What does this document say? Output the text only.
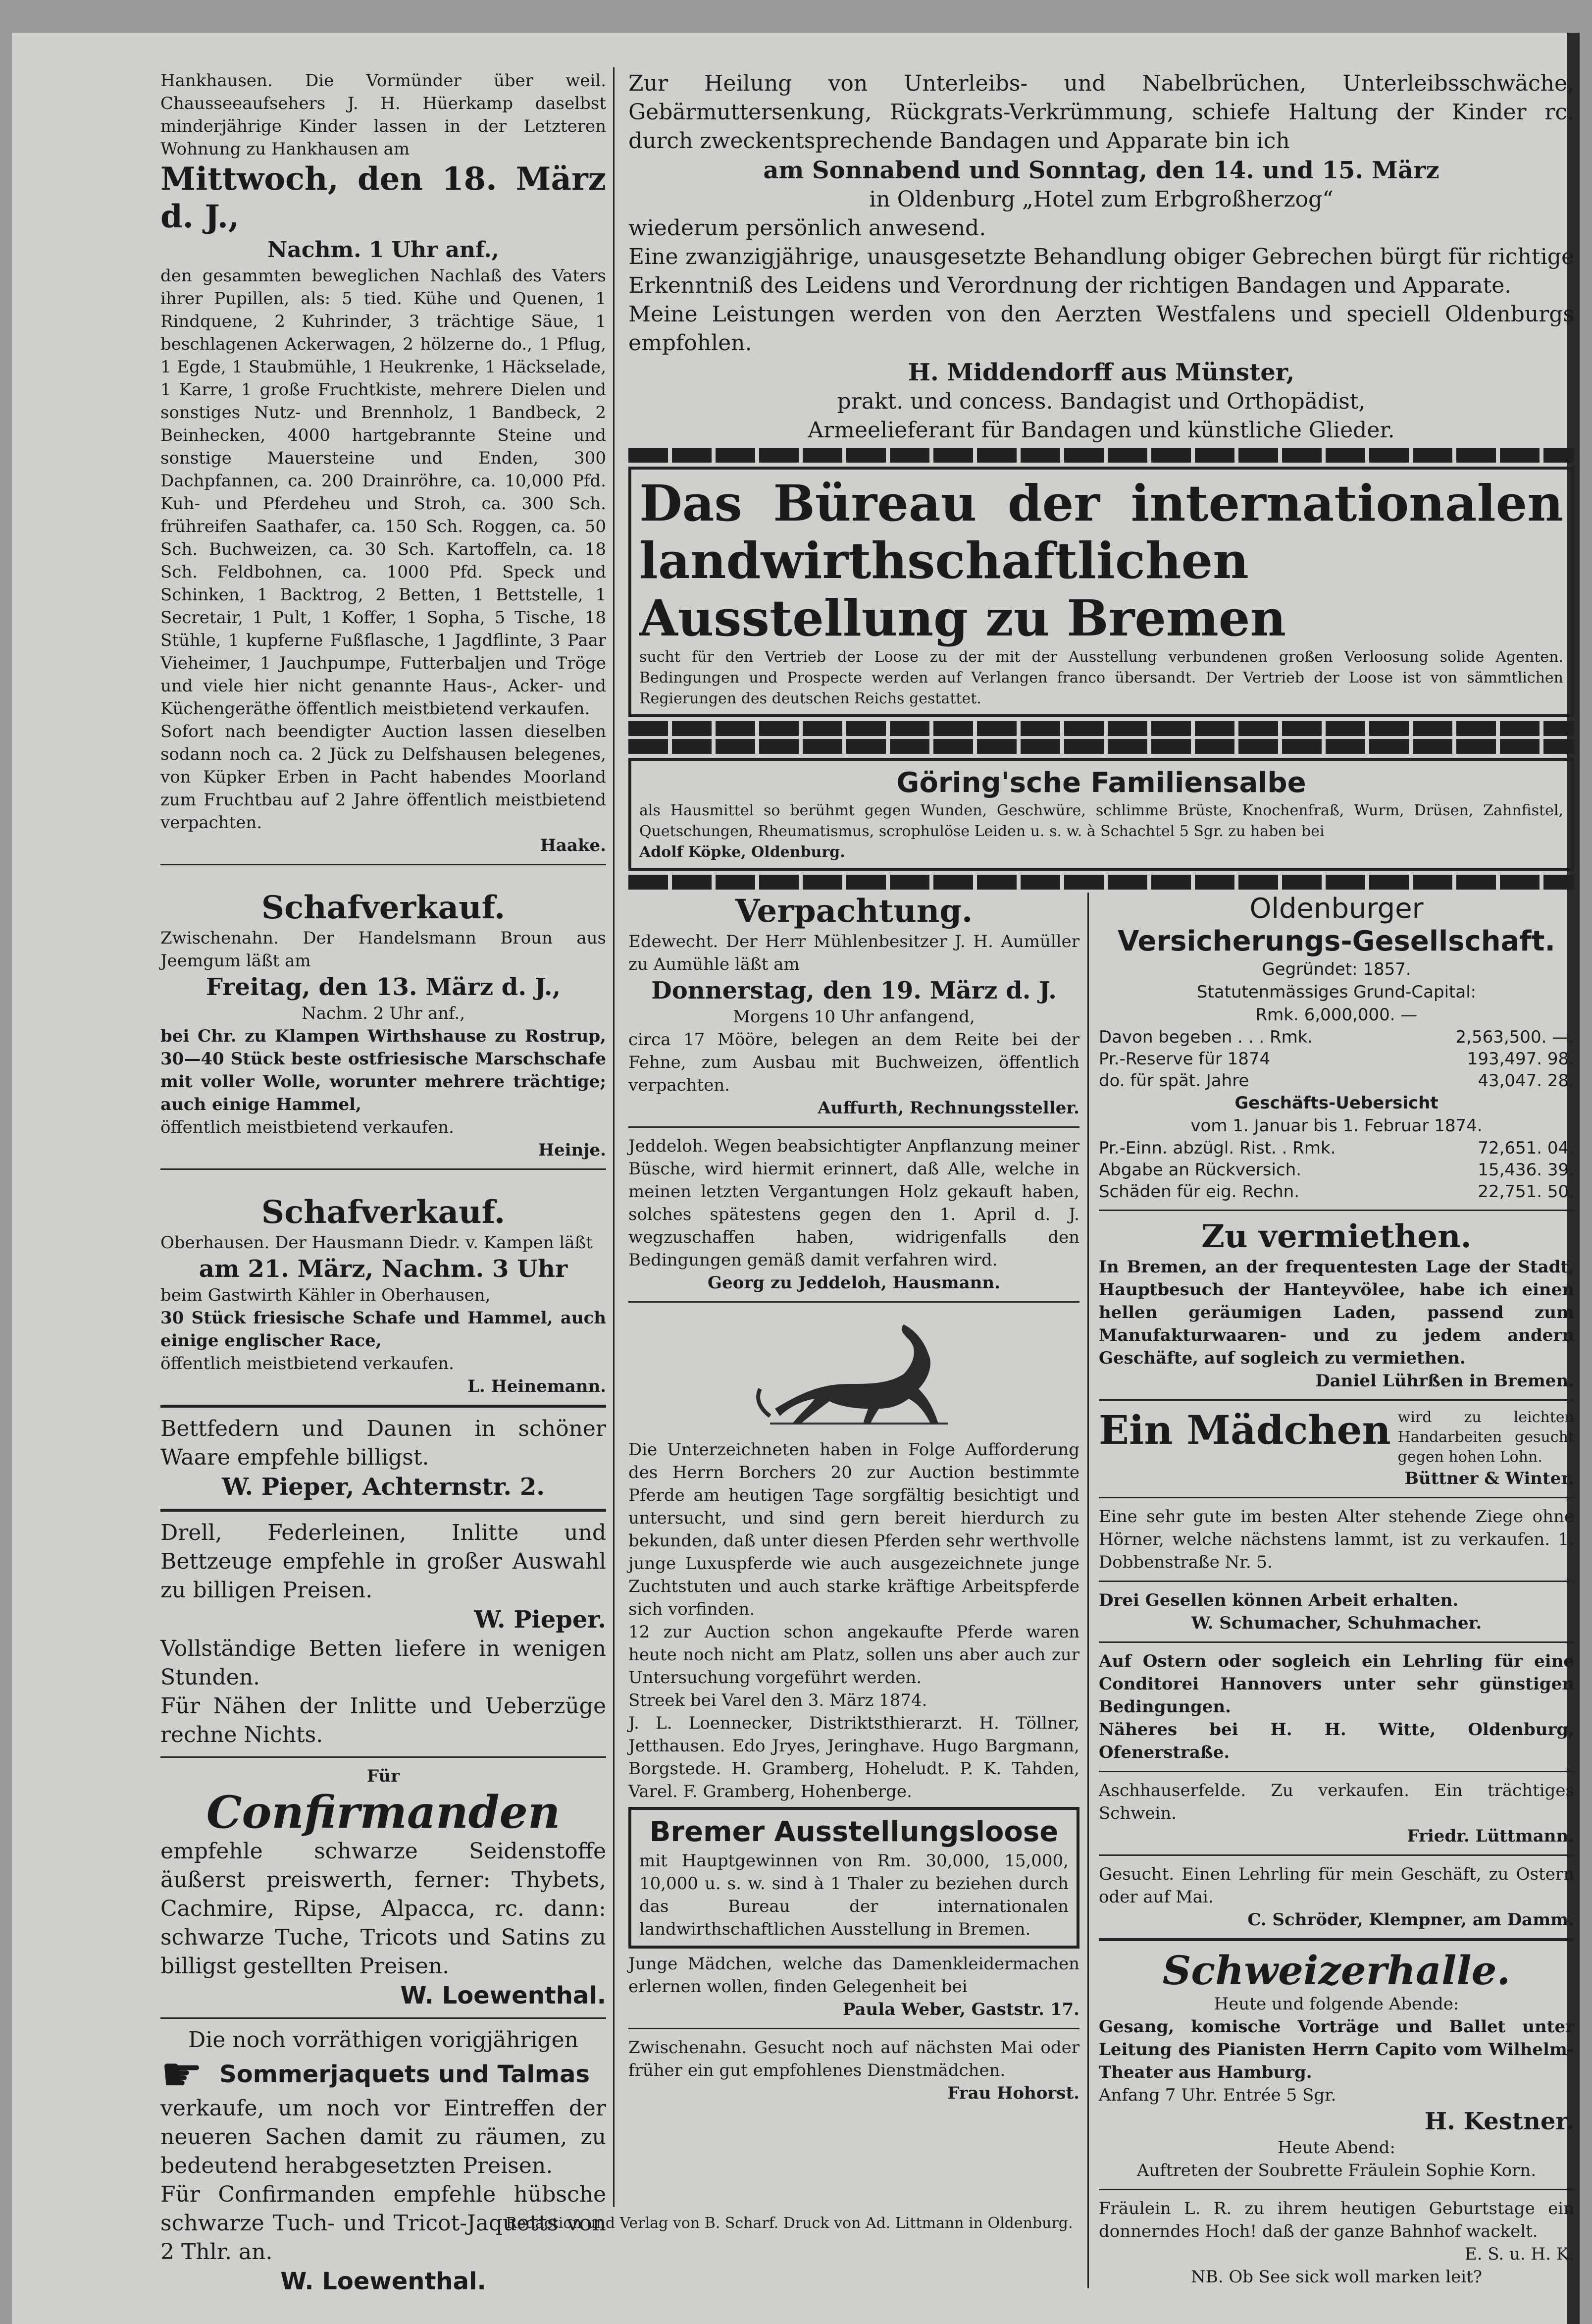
Hankhausen. Die Vormünder über weil. Chausseeaufsehers J. H. Hüerkamp daselbst minderjährige Kinder lassen in der Letzteren Wohnung zu Hankhausen am

Mittwoch, den 18. März d. J.,

Nachm. 1 Uhr anf.,

den gesammten beweglichen Nachlaß des Vaters ihrer Pupillen, als: 5 tied. Kühe und Quenen, 1 Rindquene, 2 Kuhrinder, 3 trächtige Säue, 1 beschlagenen Ackerwagen, 2 hölzerne do., 1 Pflug, 1 Egde, 1 Staubmühle, 1 Heukrenke, 1 Häckselade, 1 Karre, 1 große Fruchtkiste, mehrere Dielen und sonstiges Nutz- und Brennholz, 1 Bandbeck, 2 Beinhecken, 4000 hartgebrannte Steine und sonstige Mauersteine und Enden, 300 Dachpfannen, ca. 200 Drainröhre, ca. 10,000 Pfd. Kuh- und Pferdeheu und Stroh, ca. 300 Sch. frühreifen Saathafer, ca. 150 Sch. Roggen, ca. 50 Sch. Buchweizen, ca. 30 Sch. Kartoffeln, ca. 18 Sch. Feldbohnen, ca. 1000 Pfd. Speck und Schinken, 1 Backtrog, 2 Betten, 1 Bettstelle, 1 Secretair, 1 Pult, 1 Koffer, 1 Sopha, 5 Tische, 18 Stühle, 1 kupferne Fußflasche, 1 Jagdflinte, 3 Paar Vieheimer, 1 Jauchpumpe, Futterbaljen und Tröge und viele hier nicht genannte Haus-, Acker- und Küchengeräthe öffentlich meistbietend verkaufen.

Sofort nach beendigter Auction lassen dieselben sodann noch ca. 2 Jück zu Delfshausen belegenes, von Küpker Erben in Pacht habendes Moorland zum Fruchtbau auf 2 Jahre öffentlich meistbietend verpachten.

Haake.

Schafverkauf.

Zwischenahn. Der Handelsmann Broun aus Jeemgum läßt am

Freitag, den 13. März d. J.,

Nachm. 2 Uhr anf.,

bei Chr. zu Klampen Wirthshause zu Rostrup, 30—40 Stück beste ostfriesische Marschschafe mit voller Wolle, worunter mehrere trächtige; auch einige Hammel,

öffentlich meistbietend verkaufen.

Heinje.

Schafverkauf.

Oberhausen. Der Hausmann Diedr. v. Kampen läßt

am 21. März, Nachm. 3 Uhr

beim Gastwirth Kähler in Oberhausen,

30 Stück friesische Schafe und Hammel, auch einige englischer Race,

öffentlich meistbietend verkaufen.

L. Heinemann.

Bettfedern und Daunen in schöner Waare empfehle billigst.

W. Pieper, Achternstr. 2.

Drell, Federleinen, Inlitte und Bettzeuge empfehle in großer Auswahl zu billigen Preisen.

W. Pieper.

Vollständige Betten liefere in wenigen Stunden.

Für Nähen der Inlitte und Ueberzüge rechne Nichts.

Für

Confirmanden

empfehle schwarze Seidenstoffe äußerst preiswerth, ferner: Thybets, Cachmire, Ripse, Alpacca, rc. dann: schwarze Tuche, Tricots und Satins zu billigst gestellten Preisen.

W. Loewenthal.

Die noch vorräthigen vorigjährigen

☛ Sommerjaquets und Talmas

verkaufe, um noch vor Eintreffen der neueren Sachen damit zu räumen, zu bedeutend herabgesetzten Preisen.

Für Confirmanden empfehle hübsche schwarze Tuch- und Tricot-Jaquetts von 2 Thlr. an.

W. Loewenthal.

Zur Heilung von Unterleibs- und Nabelbrüchen, Unterleibsschwäche, Gebärmuttersenkung, Rückgrats-Verkrümmung, schiefe Haltung der Kinder rc. durch zweckentsprechende Bandagen und Apparate bin ich

am Sonnabend und Sonntag, den 14. und 15. März

in Oldenburg „Hotel zum Erbgroßherzog“

wiederum persönlich anwesend.

Eine zwanzigjährige, unausgesetzte Behandlung obiger Gebrechen bürgt für richtige Erkenntniß des Leidens und Verordnung der richtigen Bandagen und Apparate.

Meine Leistungen werden von den Aerzten Westfalens und speciell Oldenburgs empfohlen.

H. Middendorff aus Münster,

prakt. und concess. Bandagist und Orthopädist,

Armeelieferant für Bandagen und künstliche Glieder.

Das Büreau der internationalen landwirthschaftlichen Ausstellung zu Bremen

sucht für den Vertrieb der Loose zu der mit der Ausstellung verbundenen großen Verloosung solide Agenten. Bedingungen und Prospecte werden auf Verlangen franco übersandt. Der Vertrieb der Loose ist von sämmtlichen Regierungen des deutschen Reichs gestattet.

Göring'sche Familiensalbe

als Hausmittel so berühmt gegen Wunden, Geschwüre, schlimme Brüste, Knochenfraß, Wurm, Drüsen, Zahnfistel, Quetschungen, Rheumatismus, scrophulöse Leiden u. s. w. à Schachtel 5 Sgr. zu haben bei

Adolf Köpke, Oldenburg.

Verpachtung.

Edewecht. Der Herr Mühlenbesitzer J. H. Aumüller zu Aumühle läßt am

Donnerstag, den 19. März d. J.

Morgens 10 Uhr anfangend,

circa 17 Mööre, belegen an dem Reite bei der Fehne, zum Ausbau mit Buchweizen, öffentlich verpachten.

Auffurth, Rechnungssteller.

Jeddeloh. Wegen beabsichtigter Anpflanzung meiner Büsche, wird hiermit erinnert, daß Alle, welche in meinen letzten Vergantungen Holz gekauft haben, solches spätestens gegen den 1. April d. J. wegzuschaffen haben, widrigenfalls den Bedingungen gemäß damit verfahren wird.

Georg zu Jeddeloh, Hausmann.

Die Unterzeichneten haben in Folge Aufforderung des Herrn Borchers 20 zur Auction bestimmte Pferde am heutigen Tage sorgfältig besichtigt und untersucht, und sind gern bereit hierdurch zu bekunden, daß unter diesen Pferden sehr werthvolle junge Luxuspferde wie auch ausgezeichnete junge Zuchtstuten und auch starke kräftige Arbeitspferde sich vorfinden.

12 zur Auction schon angekaufte Pferde waren heute noch nicht am Platz, sollen uns aber auch zur Untersuchung vorgeführt werden.

Streek bei Varel den 3. März 1874.

J. L. Loennecker, Distriktsthierarzt. H. Töllner, Jetthausen. Edo Jryes, Jeringhave. Hugo Bargmann, Borgstede. H. Gramberg, Hoheludt. P. K. Tahden, Varel. F. Gramberg, Hohenberge.

Bremer Ausstellungsloose

mit Hauptgewinnen von Rm. 30,000, 15,000, 10,000 u. s. w. sind à 1 Thaler zu beziehen durch das Bureau der internationalen landwirthschaftlichen Ausstellung in Bremen.

Junge Mädchen, welche das Damenkleidermachen erlernen wollen, finden Gelegenheit bei

Paula Weber, Gaststr. 17.

Zwischenahn. Gesucht noch auf nächsten Mai oder früher ein gut empfohlenes Dienstmädchen.

Frau Hohorst.

Oldenburger

Versicherungs-Gesellschaft.

Gegründet: 1857.

Statutenmässiges Grund-Capital:

Rmk. 6,000,000. —

Davon begeben . . . Rmk.	2,563,500. —.
Pr.-Reserve für 1874	193,497. 98.
do. für spät. Jahre	43,047. 28.

Geschäfts-Uebersicht

vom 1. Januar bis 1. Februar 1874.

Pr.-Einn. abzügl. Rist. . Rmk.	72,651. 04.
Abgabe an Rückversich.	15,436. 39.
Schäden für eig. Rechn.	22,751. 50.

Zu vermiethen.

In Bremen, an der frequentesten Lage der Stadt, Hauptbesuch der Hanteyvölee, habe ich einen hellen geräumigen Laden, passend zum Manufakturwaaren- und zu jedem andern Geschäfte, auf sogleich zu vermiethen.

Daniel Lührßen in Bremen.

Ein Mädchen wird zu leichten Handarbeiten gesucht gegen hohen Lohn.

Büttner & Winter.

Eine sehr gute im besten Alter stehende Ziege ohne Hörner, welche nächstens lammt, ist zu verkaufen. 1. Dobbenstraße Nr. 5.

Drei Gesellen können Arbeit erhalten.

W. Schumacher, Schuhmacher.

Auf Ostern oder sogleich ein Lehrling für eine Conditorei Hannovers unter sehr günstigen Bedingungen.

Näheres bei H. H. Witte, Oldenburg, Ofenerstraße.

Aschhauserfelde. Zu verkaufen. Ein trächtiges Schwein.

Friedr. Lüttmann.

Gesucht. Einen Lehrling für mein Geschäft, zu Ostern oder auf Mai.

C. Schröder, Klempner, am Damm.

Schweizerhalle.

Heute und folgende Abende:

Gesang, komische Vorträge und Ballet unter Leitung des Pianisten Herrn Capito vom Wilhelm-Theater aus Hamburg.

Anfang 7 Uhr. Entrée 5 Sgr.

H. Kestner.

Heute Abend:

Auftreten der Soubrette Fräulein Sophie Korn.

Fräulein L. R. zu ihrem heutigen Geburtstage ein donnerndes Hoch! daß der ganze Bahnhof wackelt.

E. S. u. H. K.

NB. Ob See sick woll marken leit?

Redaction und Verlag von B. Scharf. Druck von Ad. Littmann in Oldenburg.
